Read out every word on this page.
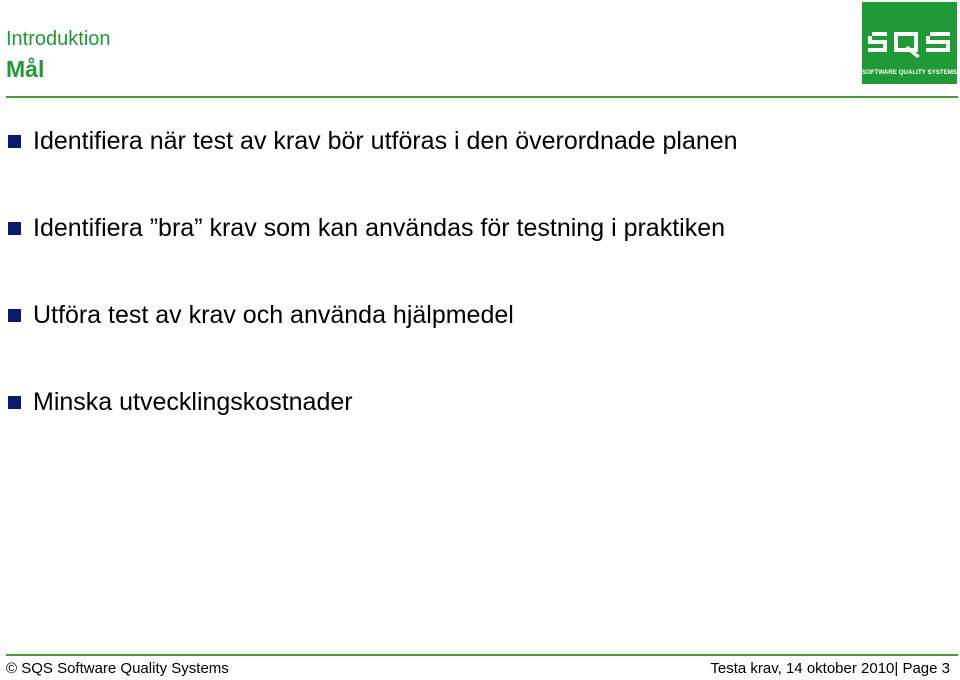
Introduktion
Mål	SOFTWARE QUALITY SYSTEMS
Identifiera när test av krav bör utföras i den överordnade planen
Identifiera ”bra” krav som kan användas för testning i praktiken
Utföra test av krav och använda hjälpmedel
Minska utvecklingskostnader
© SQS Software Quality Systems	Testa krav, 14 oktober 2010| Page 3
